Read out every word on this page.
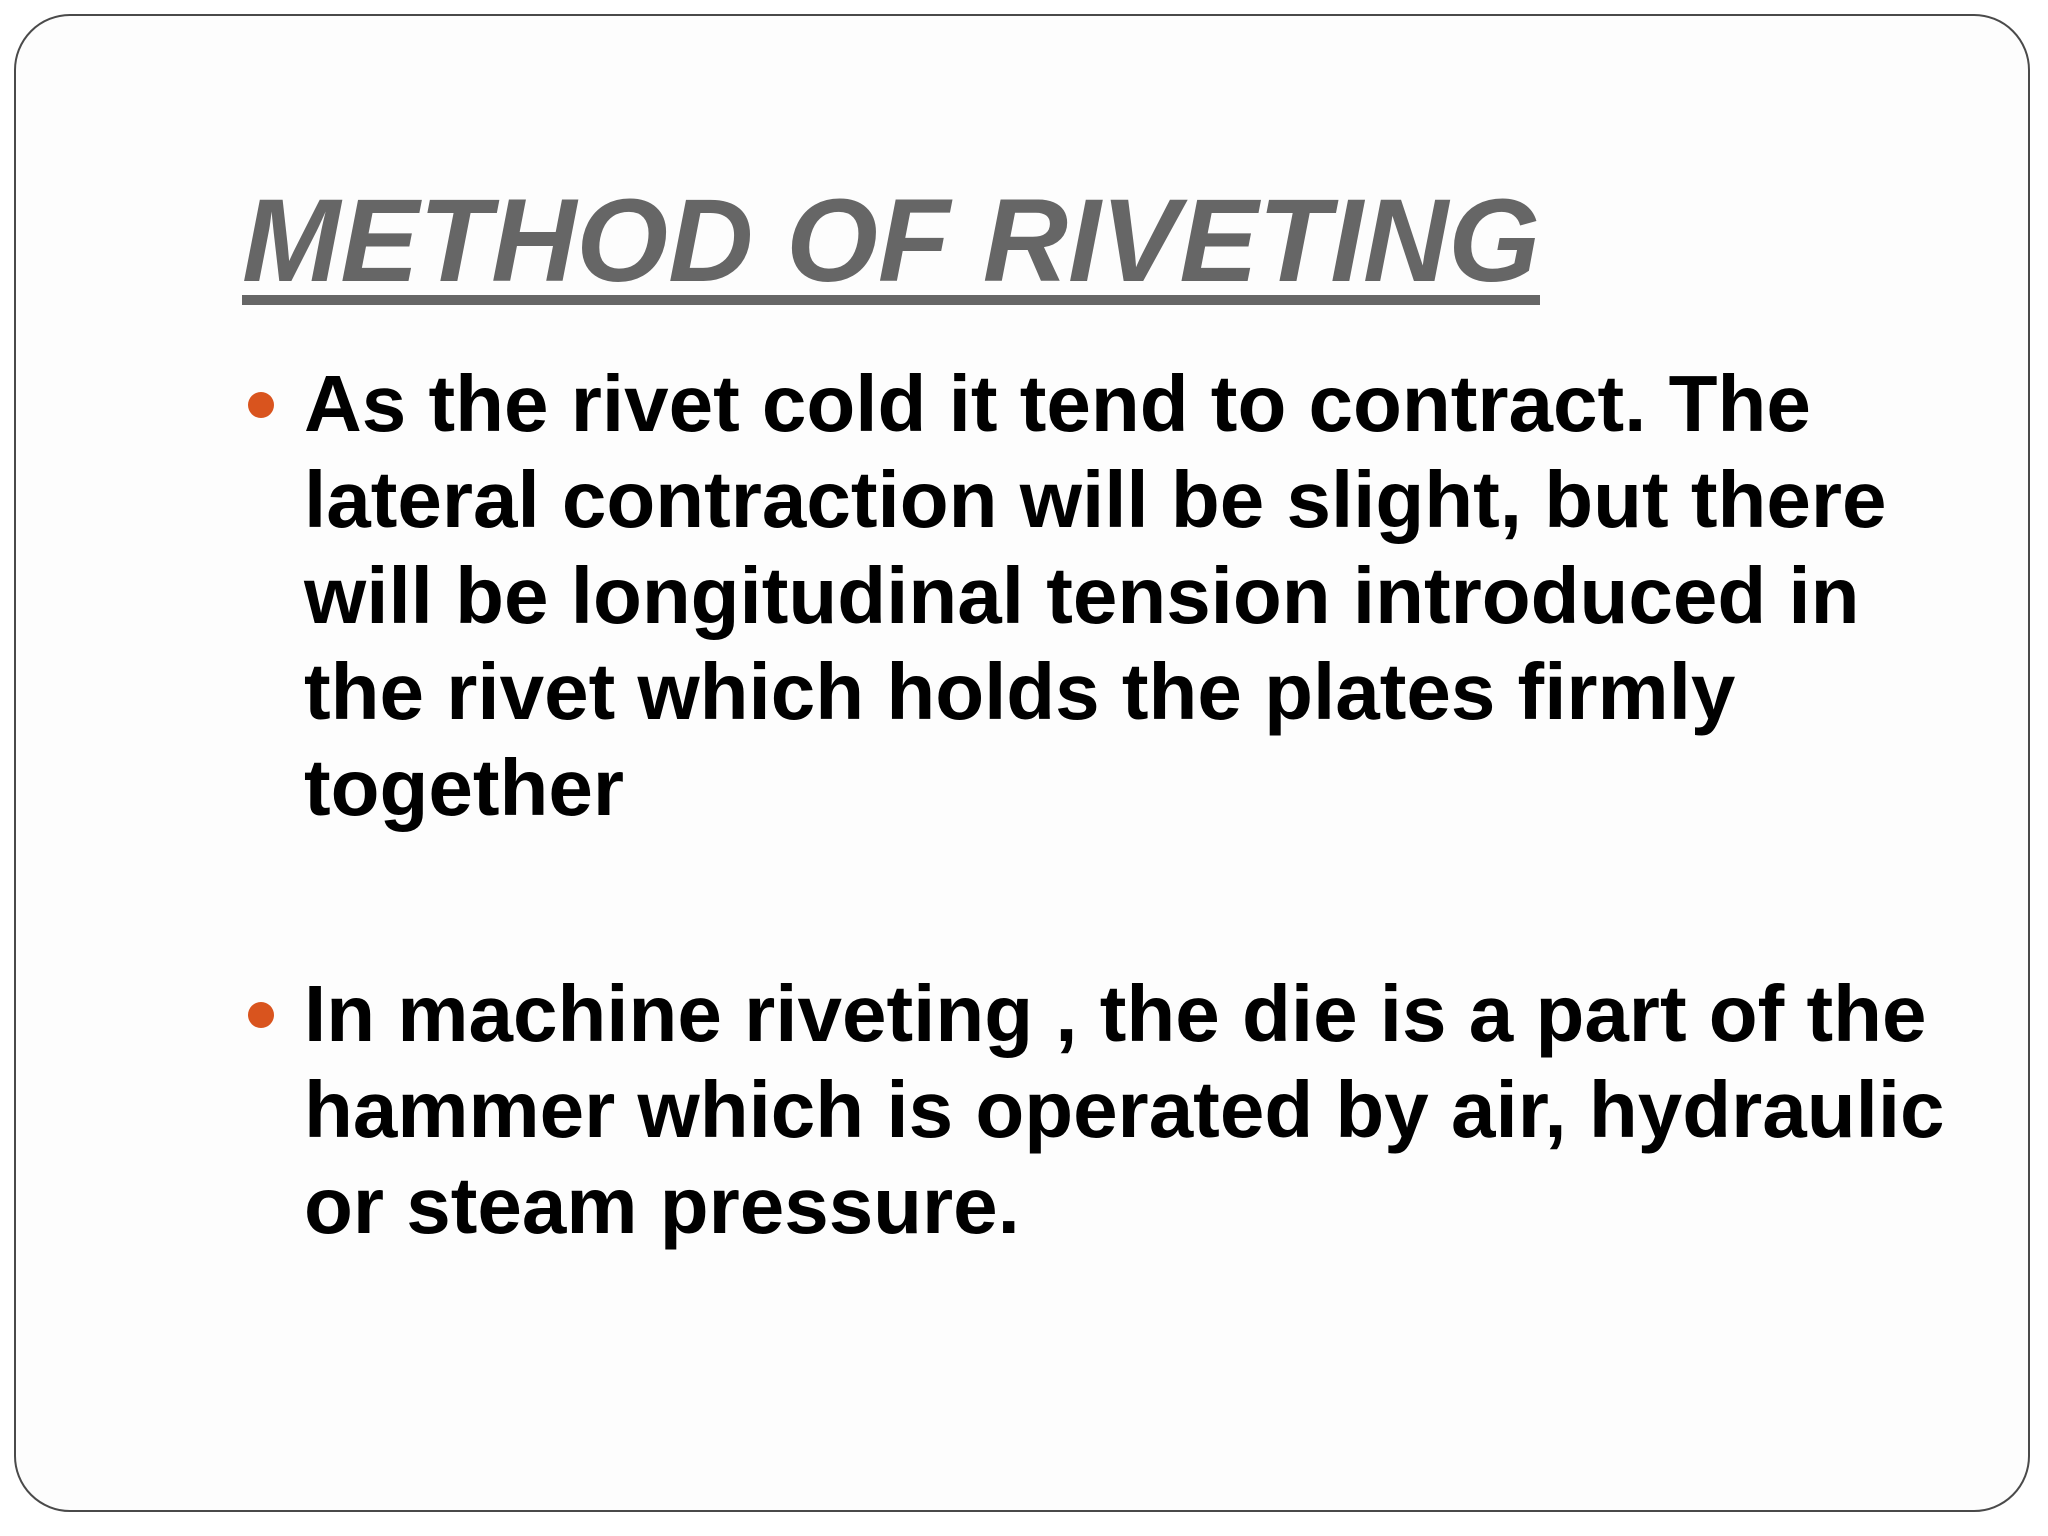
METHOD OF RIVETING
As the rivet cold it tend to contract. The lateral contraction will be slight, but there will be longitudinal tension introduced in the rivet which holds the plates firmly together
In machine riveting , the die is a part of the hammer which is operated by air, hydraulic or steam pressure.
